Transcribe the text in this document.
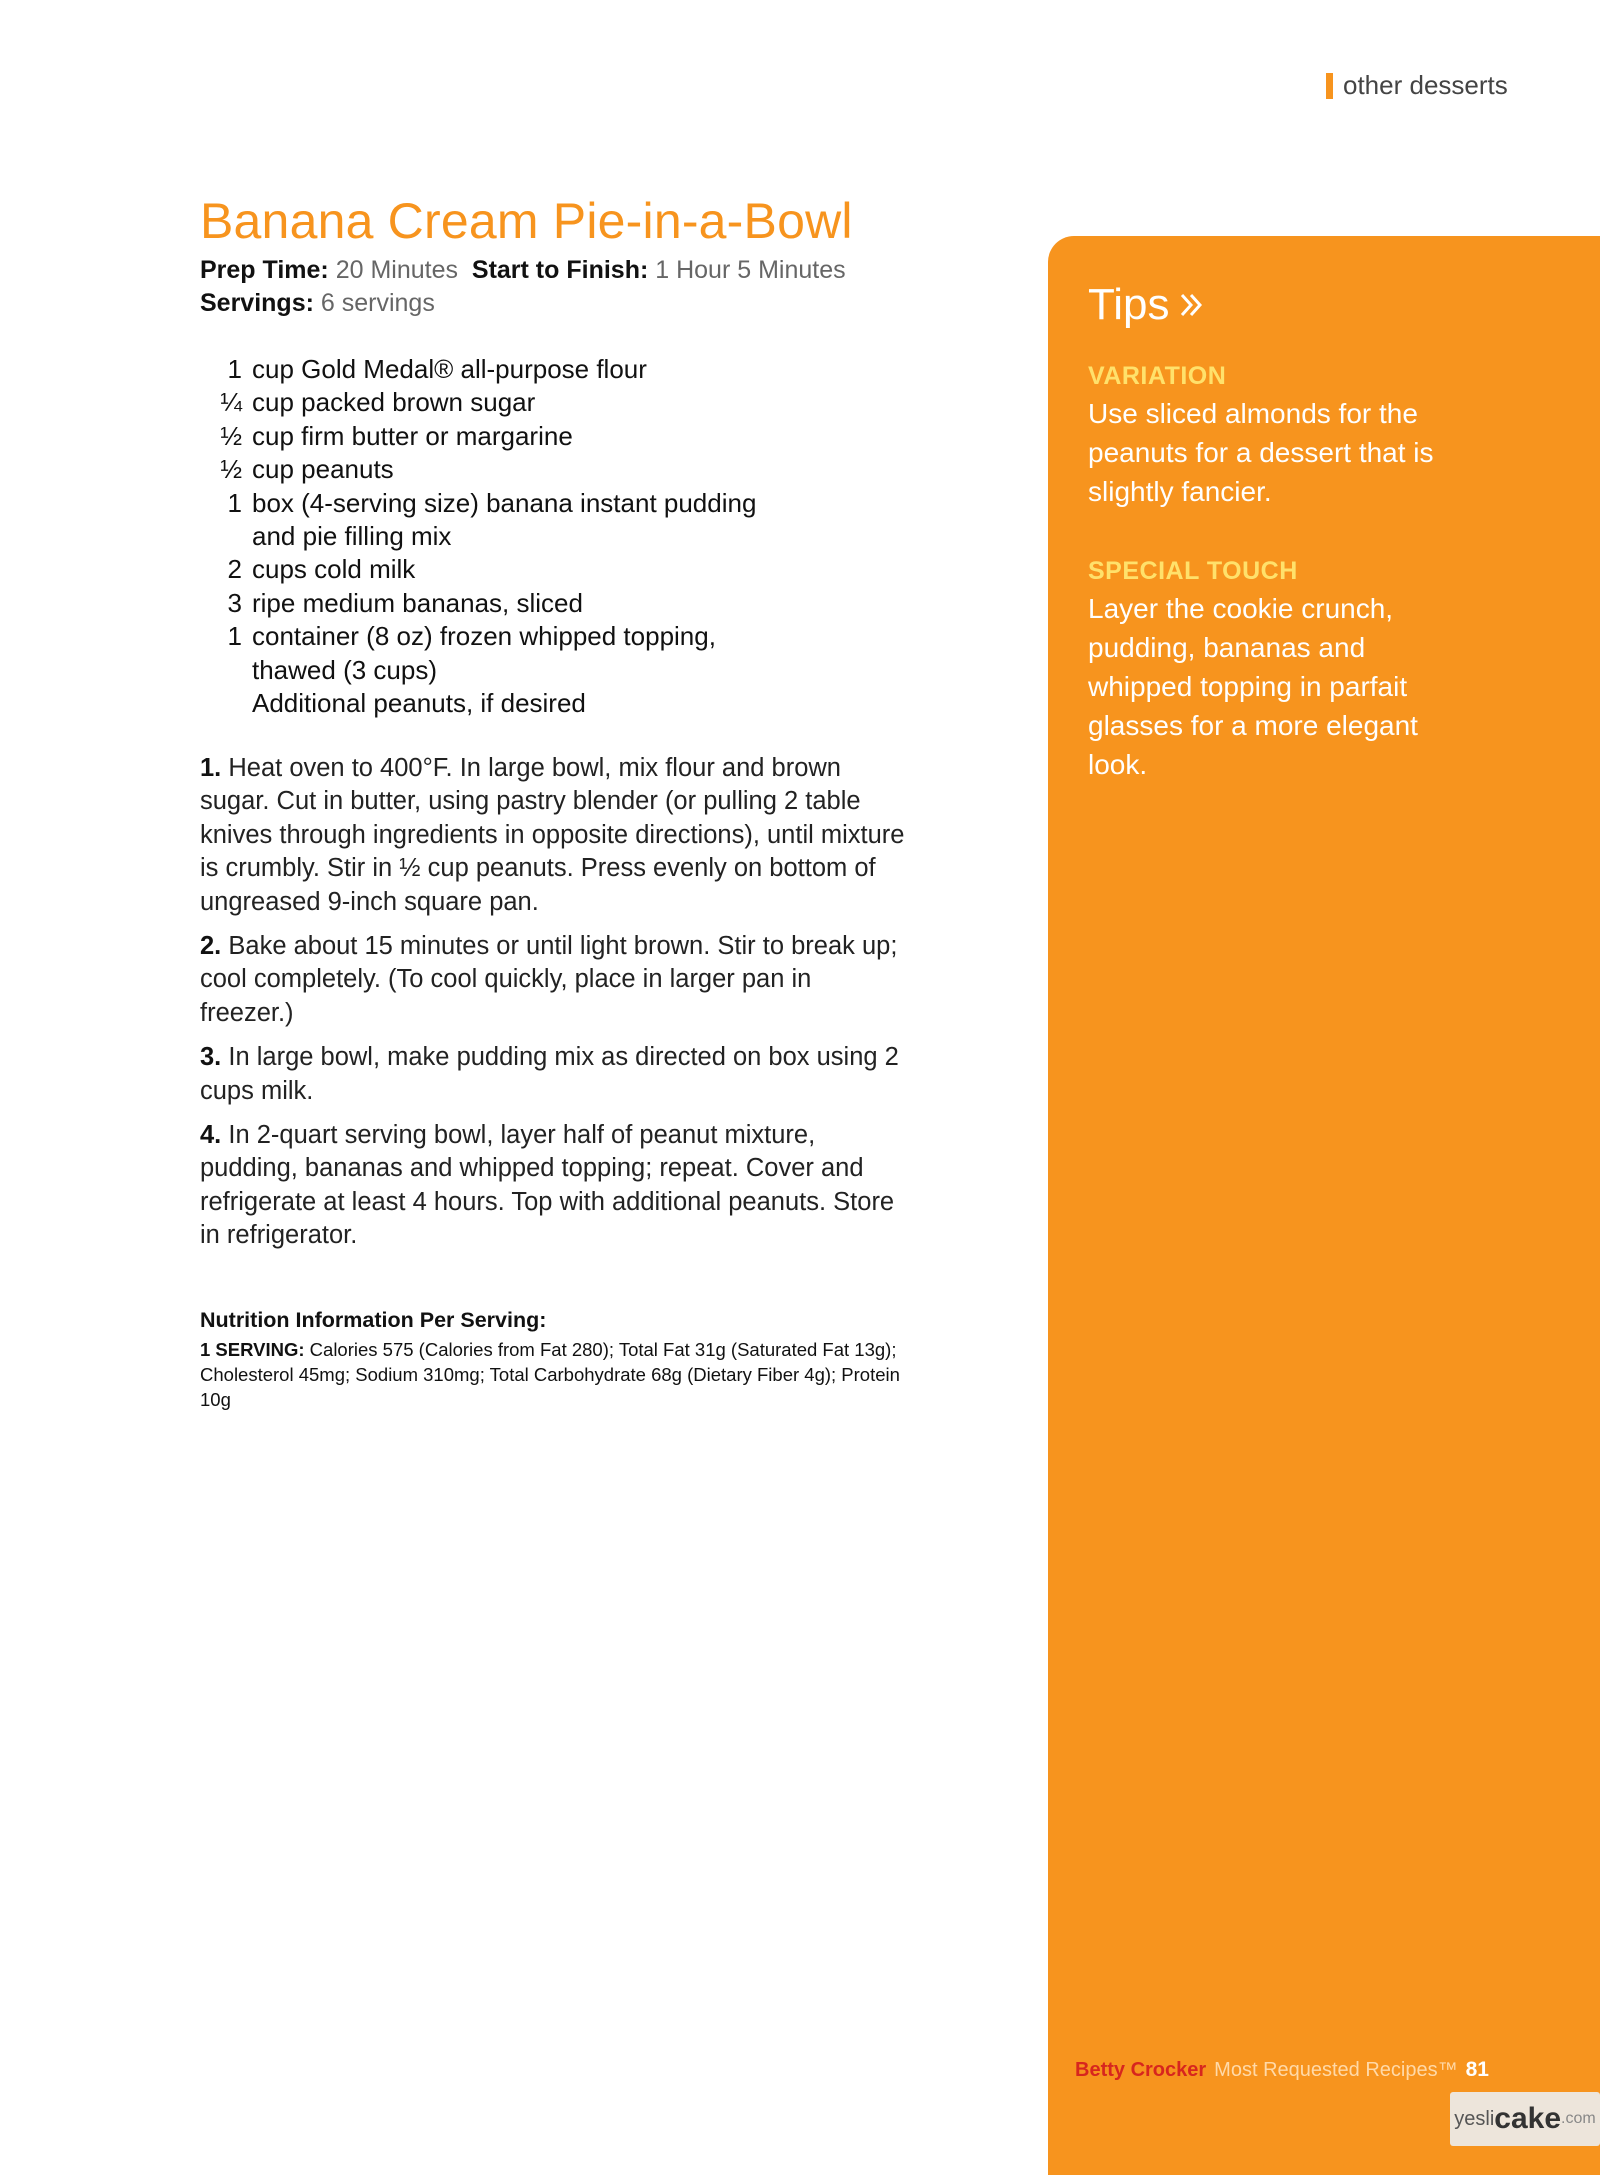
other desserts
Banana Cream Pie-in-a-Bowl
Prep Time: 20 Minutes Start to Finish: 1 Hour 5 Minutes
Servings: 6 servings
1 cup Gold Medal® all-purpose flour
¼ cup packed brown sugar
½ cup firm butter or margarine
½ cup peanuts
1 box (4-serving size) banana instant pudding
and pie filling mix
2 cups cold milk
3 ripe medium bananas, sliced
1 container (8 oz) frozen whipped topping,
thawed (3 cups)
Additional peanuts, if desired

1. Heat oven to 400°F. In large bowl, mix flour and brown sugar. Cut in butter, using pastry blender (or pulling 2 table knives through ingredients in opposite directions), until mixture is crumbly. Stir in ½ cup peanuts. Press evenly on bottom of ungreased 9-inch square pan.

2. Bake about 15 minutes or until light brown. Stir to break up; cool completely. (To cool quickly, place in larger pan in freezer.)

3. In large bowl, make pudding mix as directed on box using 2 cups milk.

4. In 2-quart serving bowl, layer half of peanut mixture, pudding, bananas and whipped topping; repeat. Cover and refrigerate at least 4 hours. Top with additional peanuts. Store in refrigerator.

Nutrition Information Per Serving:

1 SERVING: Calories 575 (Calories from Fat 280); Total Fat 31g (Saturated Fat 13g); Cholesterol 45mg; Sodium 310mg; Total Carbohydrate 68g (Dietary Fiber 4g); Protein 10g

Tips
VARIATION
Use sliced almonds for the peanuts for a dessert that is slightly fancier.
SPECIAL TOUCH
Layer the cookie crunch, pudding, bananas and whipped topping in parfait glasses for a more elegant look.
Betty Crocker Most Requested Recipes™ 81
yesli cake .com
